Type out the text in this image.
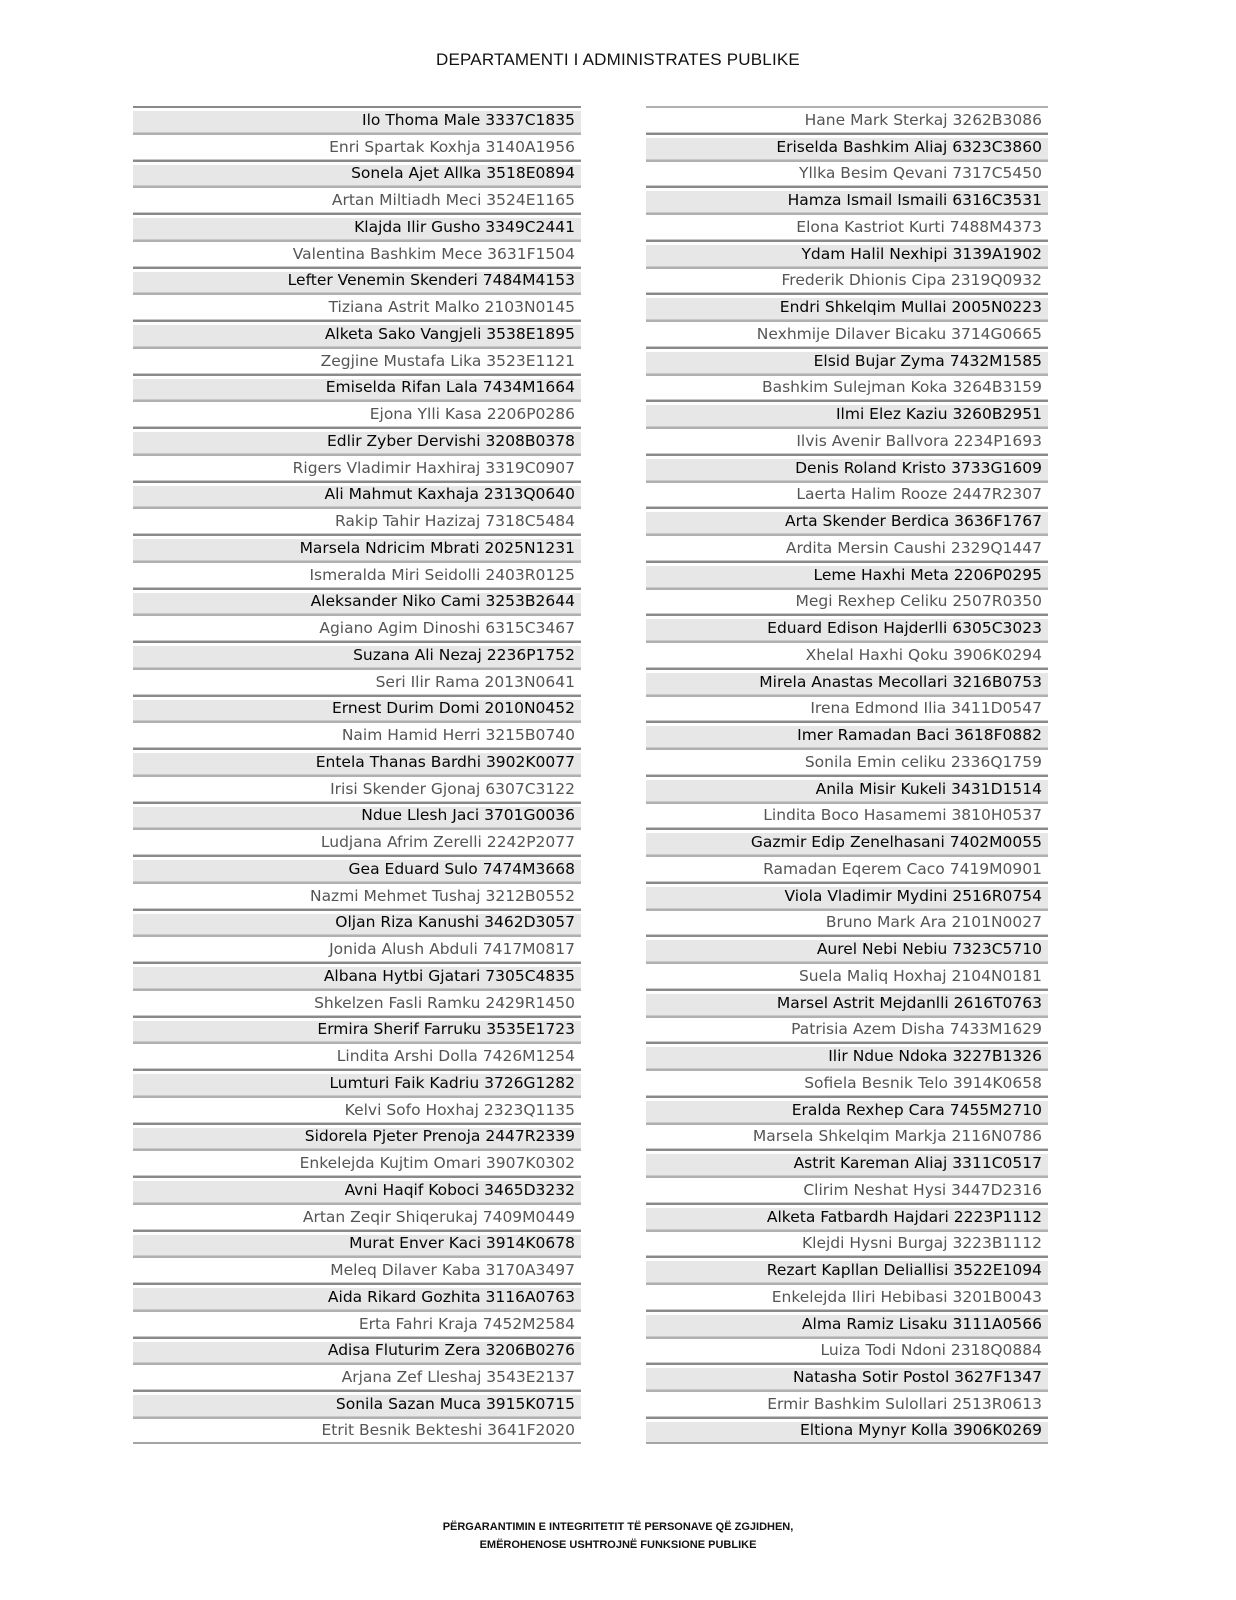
DEPARTAMENTI I ADMINISTRATES PUBLIKE
Ilo Thoma Male 3337C1835
Enri Spartak Koxhja 3140A1956
Sonela Ajet Allka 3518E0894
Artan Miltiadh Meci 3524E1165
Klajda Ilir Gusho 3349C2441
Valentina Bashkim Mece 3631F1504
Lefter Venemin Skenderi 7484M4153
Tiziana Astrit Malko 2103N0145
Alketa Sako Vangjeli 3538E1895
Zegjine Mustafa Lika 3523E1121
Emiselda Rifan Lala 7434M1664
Ejona Ylli Kasa 2206P0286
Edlir Zyber Dervishi 3208B0378
Rigers Vladimir Haxhiraj 3319C0907
Ali Mahmut Kaxhaja 2313Q0640
Rakip Tahir Hazizaj 7318C5484
Marsela Ndricim Mbrati 2025N1231
Ismeralda Miri Seidolli 2403R0125
Aleksander Niko Cami 3253B2644
Agiano Agim Dinoshi 6315C3467
Suzana Ali Nezaj 2236P1752
Seri Ilir Rama 2013N0641
Ernest Durim Domi 2010N0452
Naim Hamid Herri 3215B0740
Entela Thanas Bardhi 3902K0077
Irisi Skender Gjonaj 6307C3122
Ndue Llesh Jaci 3701G0036
Ludjana Afrim Zerelli 2242P2077
Gea Eduard Sulo 7474M3668
Nazmi Mehmet Tushaj 3212B0552
Oljan Riza Kanushi 3462D3057
Jonida Alush Abduli 7417M0817
Albana Hytbi Gjatari 7305C4835
Shkelzen Fasli Ramku 2429R1450
Ermira Sherif Farruku 3535E1723
Lindita Arshi Dolla 7426M1254
Lumturi Faik Kadriu 3726G1282
Kelvi Sofo Hoxhaj 2323Q1135
Sidorela Pjeter Prenoja 2447R2339
Enkelejda Kujtim Omari 3907K0302
Avni Haqif Koboci 3465D3232
Artan Zeqir Shiqerukaj 7409M0449
Murat Enver Kaci 3914K0678
Meleq Dilaver Kaba 3170A3497
Aida Rikard Gozhita 3116A0763
Erta Fahri Kraja 7452M2584
Adisa Fluturim Zera 3206B0276
Arjana Zef Lleshaj 3543E2137
Sonila Sazan Muca 3915K0715
Etrit Besnik Bekteshi 3641F2020
Hane Mark Sterkaj 3262B3086
Eriselda Bashkim Aliaj 6323C3860
Yllka Besim Qevani 7317C5450
Hamza Ismail Ismaili 6316C3531
Elona Kastriot Kurti 7488M4373
Ydam Halil Nexhipi 3139A1902
Frederik Dhionis Cipa 2319Q0932
Endri Shkelqim Mullai 2005N0223
Nexhmije Dilaver Bicaku 3714G0665
Elsid Bujar Zyma 7432M1585
Bashkim Sulejman Koka 3264B3159
Ilmi Elez Kaziu 3260B2951
Ilvis Avenir Ballvora 2234P1693
Denis Roland Kristo 3733G1609
Laerta Halim Rooze 2447R2307
Arta Skender Berdica 3636F1767
Ardita Mersin Caushi 2329Q1447
Leme Haxhi Meta 2206P0295
Megi Rexhep Celiku 2507R0350
Eduard Edison Hajderlli 6305C3023
Xhelal Haxhi Qoku 3906K0294
Mirela Anastas Mecollari 3216B0753
Irena Edmond Ilia 3411D0547
Imer Ramadan Baci 3618F0882
Sonila Emin celiku 2336Q1759
Anila Misir Kukeli 3431D1514
Lindita Boco Hasamemi 3810H0537
Gazmir Edip Zenelhasani 7402M0055
Ramadan Eqerem Caco 7419M0901
Viola Vladimir Mydini 2516R0754
Bruno Mark Ara 2101N0027
Aurel Nebi Nebiu 7323C5710
Suela Maliq Hoxhaj 2104N0181
Marsel Astrit Mejdanlli 2616T0763
Patrisia Azem Disha 7433M1629
Ilir Ndue Ndoka 3227B1326
Sofiela Besnik Telo 3914K0658
Eralda Rexhep Cara 7455M2710
Marsela Shkelqim Markja 2116N0786
Astrit Kareman Aliaj 3311C0517
Clirim Neshat Hysi 3447D2316
Alketa Fatbardh Hajdari 2223P1112
Klejdi Hysni Burgaj 3223B1112
Rezart Kapllan Deliallisi 3522E1094
Enkelejda Iliri Hebibasi 3201B0043
Alma Ramiz Lisaku 3111A0566
Luiza Todi Ndoni 2318Q0884
Natasha Sotir Postol 3627F1347
Ermir Bashkim Sulollari 2513R0613
Eltiona Mynyr Kolla 3906K0269
PËRGARANTIMIN E INTEGRITETIT TË PERSONAVE QË ZGJIDHEN,
EMËROHENOSE USHTROJNË FUNKSIONE PUBLIKE
